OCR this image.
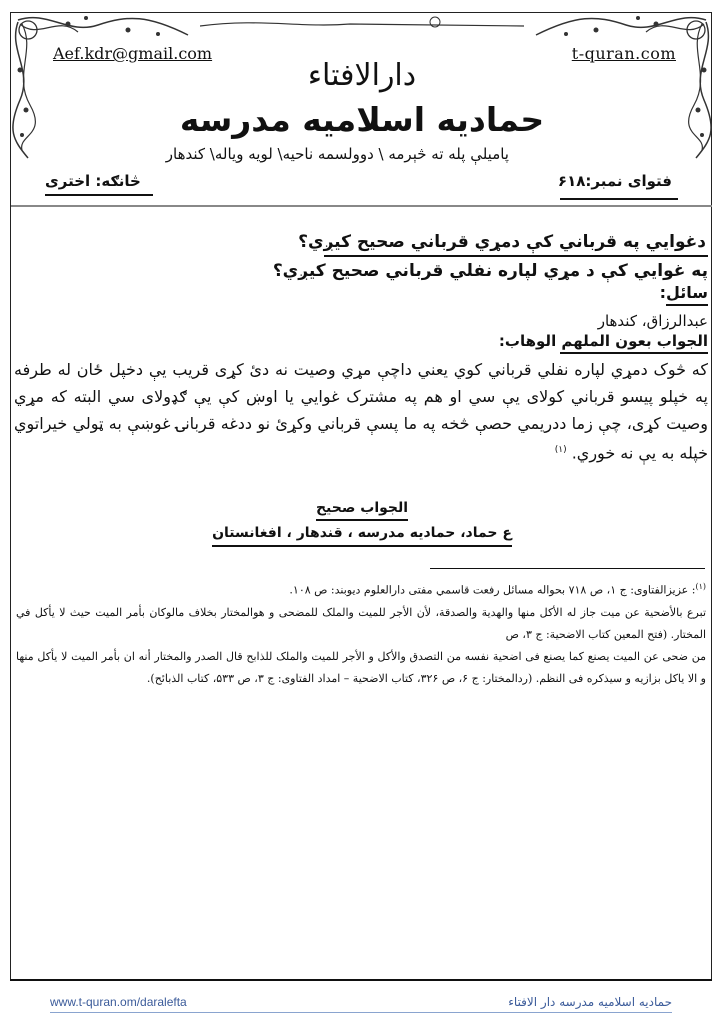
Aef.kdr@gmail.com	t-quran.com
دارالافتاء
حمادیه اسلامیه مدرسه
پاميلې پله ته څېرمه \ دوولسمه ناحيه\ لويه وياله\ کندهار
فتوای نمبر:۶۱۸
څانګه: اختری
دغوايي په قرباني کې دمړي قرباني صحيح کيږي؟
په غوايي کې د مړي لپاره نفلي قرباني صحيح کيږي؟
سائل:
عبدالرزاق، کندهار
الجواب بعون الملهم الوهاب:
که څوک دمړي لپاره نفلي قرباني کوي يعني داچې مړي وصيت نه دئ کړی قريب يې دخپل ځان له طرفه په خپلو پيسو قرباني کولای يې سي او هم په مشترک غوايي يا اوښ کې يې ګډولای سي البته که مړي وصيت کړی، چې زما ددريمي حصې څخه په ما پسې قرباني وکړئ نو ددغه قربانۍ غوښې به ټولي خيراتوي خپله به يې نه خوري. $^{(۱)}$
الجواب صحیح
ع حماد، حمادیه مدرسه ، قندهار ، افغانستان

$^{(۱)}$: عزيزالفتاوی: ج ۱، ص ۷۱۸ بحواله مسائل رفعت قاسمي مفتی دارالعلوم ديوبند: ص ۱۰۸.

تبرع بالأضحية عن ميت جاز له الأكل منها والهدية والصدقة، لأن الأجر للميت والملک للمضحی و هوالمختار بخلاف مالوکان بأمر الميت حيث لا يأکل في المختار. (فتح المعين کتاب الاضحية: ج ۳، ص

من ضحی عن الميت يصنع کما يصنع فی اضحية نفسه من التصدق والأکل و الأجر للميت والملک للذابح قال الصدر والمختار أنه ان بأمر الميت لا يأکل منها و الا ياکل بزازيه و سيذکره فی النظم. (ردالمختار: ج ۶، ص ۳۲۶، کتاب الاضحية – امداد الفتاوی: ج ۳، ص ۵۳۳، کتاب الذبائح).

www.t-quran.om/daralefta	حمادیه اسلامیه مدرسه دار الافتاء
